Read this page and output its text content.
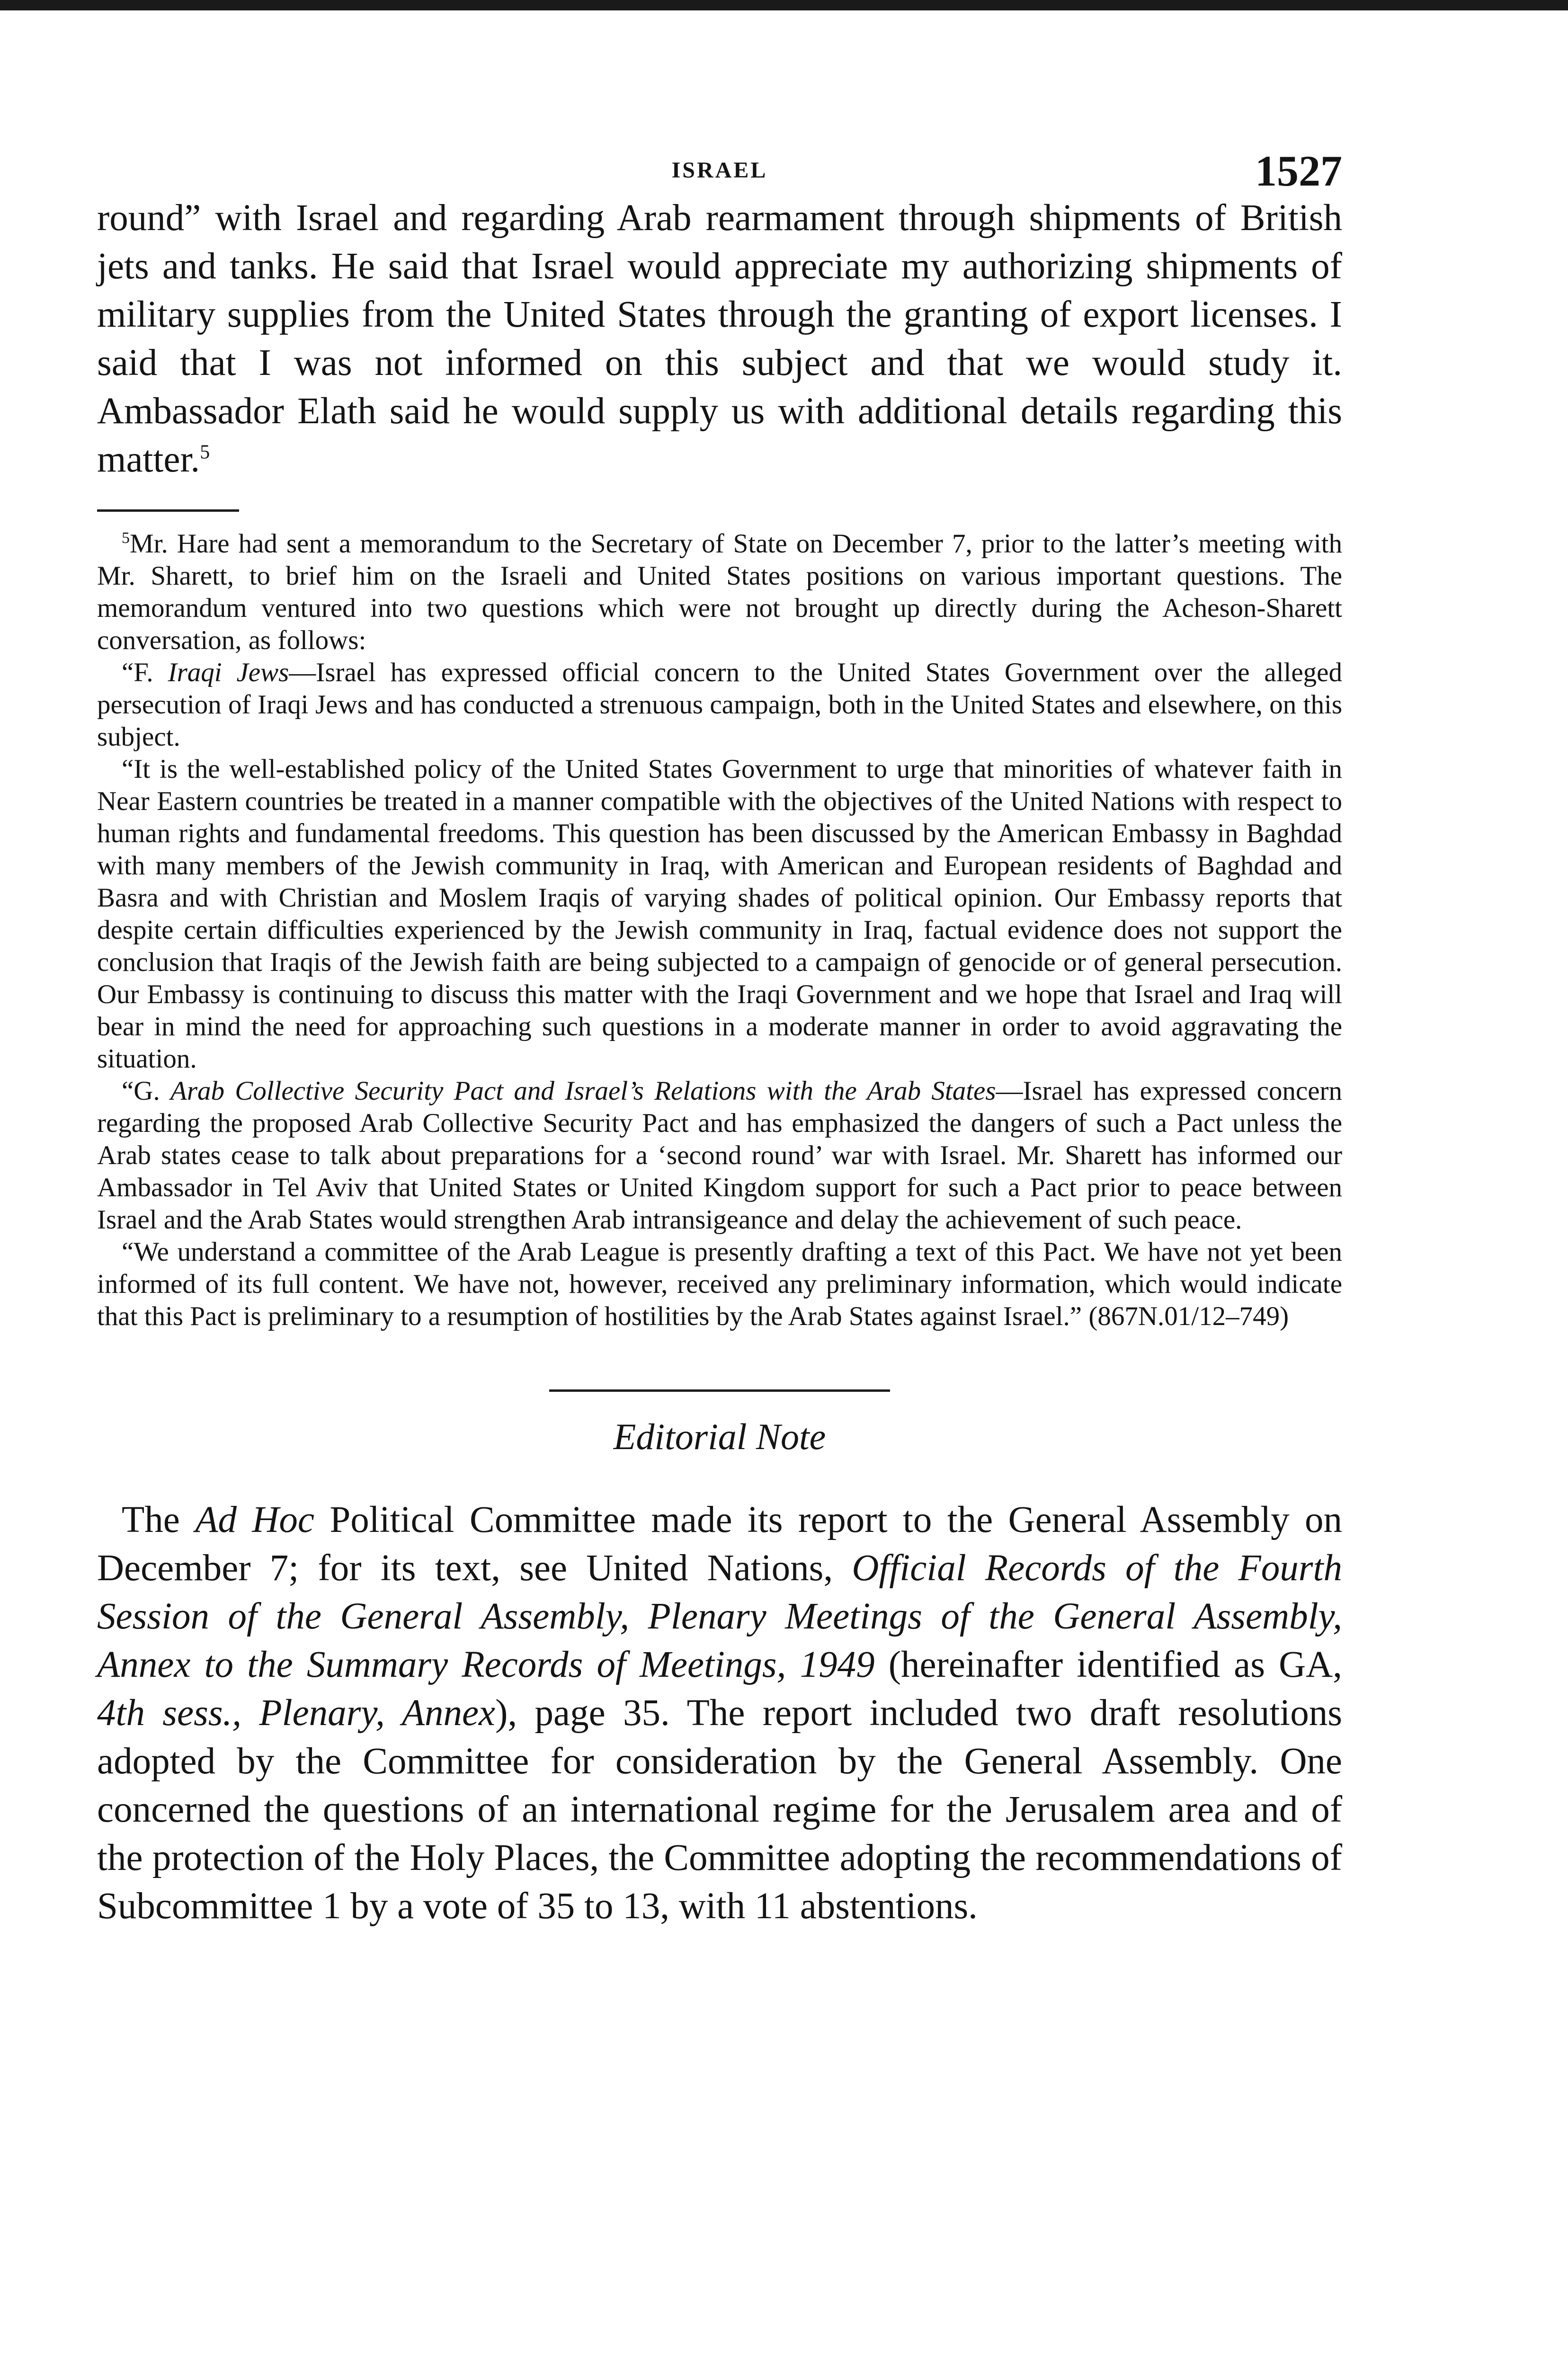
ISRAEL	1527

round” with Israel and regarding Arab rearmament through shipments of British jets and tanks. He said that Israel would appreciate my authorizing shipments of military supplies from the United States through the granting of export licenses. I said that I was not informed on this subject and that we would study it. Ambassador Elath said he would supply us with additional details regarding this matter.$^5$

$^5$Mr. Hare had sent a memorandum to the Secretary of State on December 7, prior to the latter’s meeting with Mr. Sharett, to brief him on the Israeli and United States positions on various important questions. The memorandum ventured into two questions which were not brought up directly during the Acheson-Sharett conversation, as follows:

“F. Iraqi Jews—Israel has expressed official concern to the United States Government over the alleged persecution of Iraqi Jews and has conducted a strenuous campaign, both in the United States and elsewhere, on this subject.

“It is the well-established policy of the United States Government to urge that minorities of whatever faith in Near Eastern countries be treated in a manner compatible with the objectives of the United Nations with respect to human rights and fundamental freedoms. This question has been discussed by the American Embassy in Baghdad with many members of the Jewish community in Iraq, with American and European residents of Baghdad and Basra and with Christian and Moslem Iraqis of varying shades of political opinion. Our Embassy reports that despite certain difficulties experienced by the Jewish community in Iraq, factual evidence does not support the conclusion that Iraqis of the Jewish faith are being subjected to a campaign of genocide or of general persecution. Our Embassy is continuing to discuss this matter with the Iraqi Government and we hope that Israel and Iraq will bear in mind the need for approaching such questions in a moderate manner in order to avoid aggravating the situation.

“G. Arab Collective Security Pact and Israel’s Relations with the Arab States—Israel has expressed concern regarding the proposed Arab Collective Security Pact and has emphasized the dangers of such a Pact unless the Arab states cease to talk about preparations for a ‘second round’ war with Israel. Mr. Sharett has informed our Ambassador in Tel Aviv that United States or United Kingdom support for such a Pact prior to peace between Israel and the Arab States would strengthen Arab intransigeance and delay the achievement of such peace.

“We understand a committee of the Arab League is presently drafting a text of this Pact. We have not yet been informed of its full content. We have not, however, received any preliminary information, which would indicate that this Pact is preliminary to a resumption of hostilities by the Arab States against Israel.” (867N.01/12–749)

Editorial Note

The Ad Hoc Political Committee made its report to the General Assembly on December 7; for its text, see United Nations, Official Records of the Fourth Session of the General Assembly, Plenary Meetings of the General Assembly, Annex to the Summary Records of Meetings, 1949 (hereinafter identified as GA, 4th sess., Plenary, Annex), page 35. The report included two draft resolutions adopted by the Committee for consideration by the General Assembly. One concerned the questions of an international regime for the Jerusalem area and of the protection of the Holy Places, the Committee adopting the recommendations of Subcommittee 1 by a vote of 35 to 13, with 11 abstentions.
